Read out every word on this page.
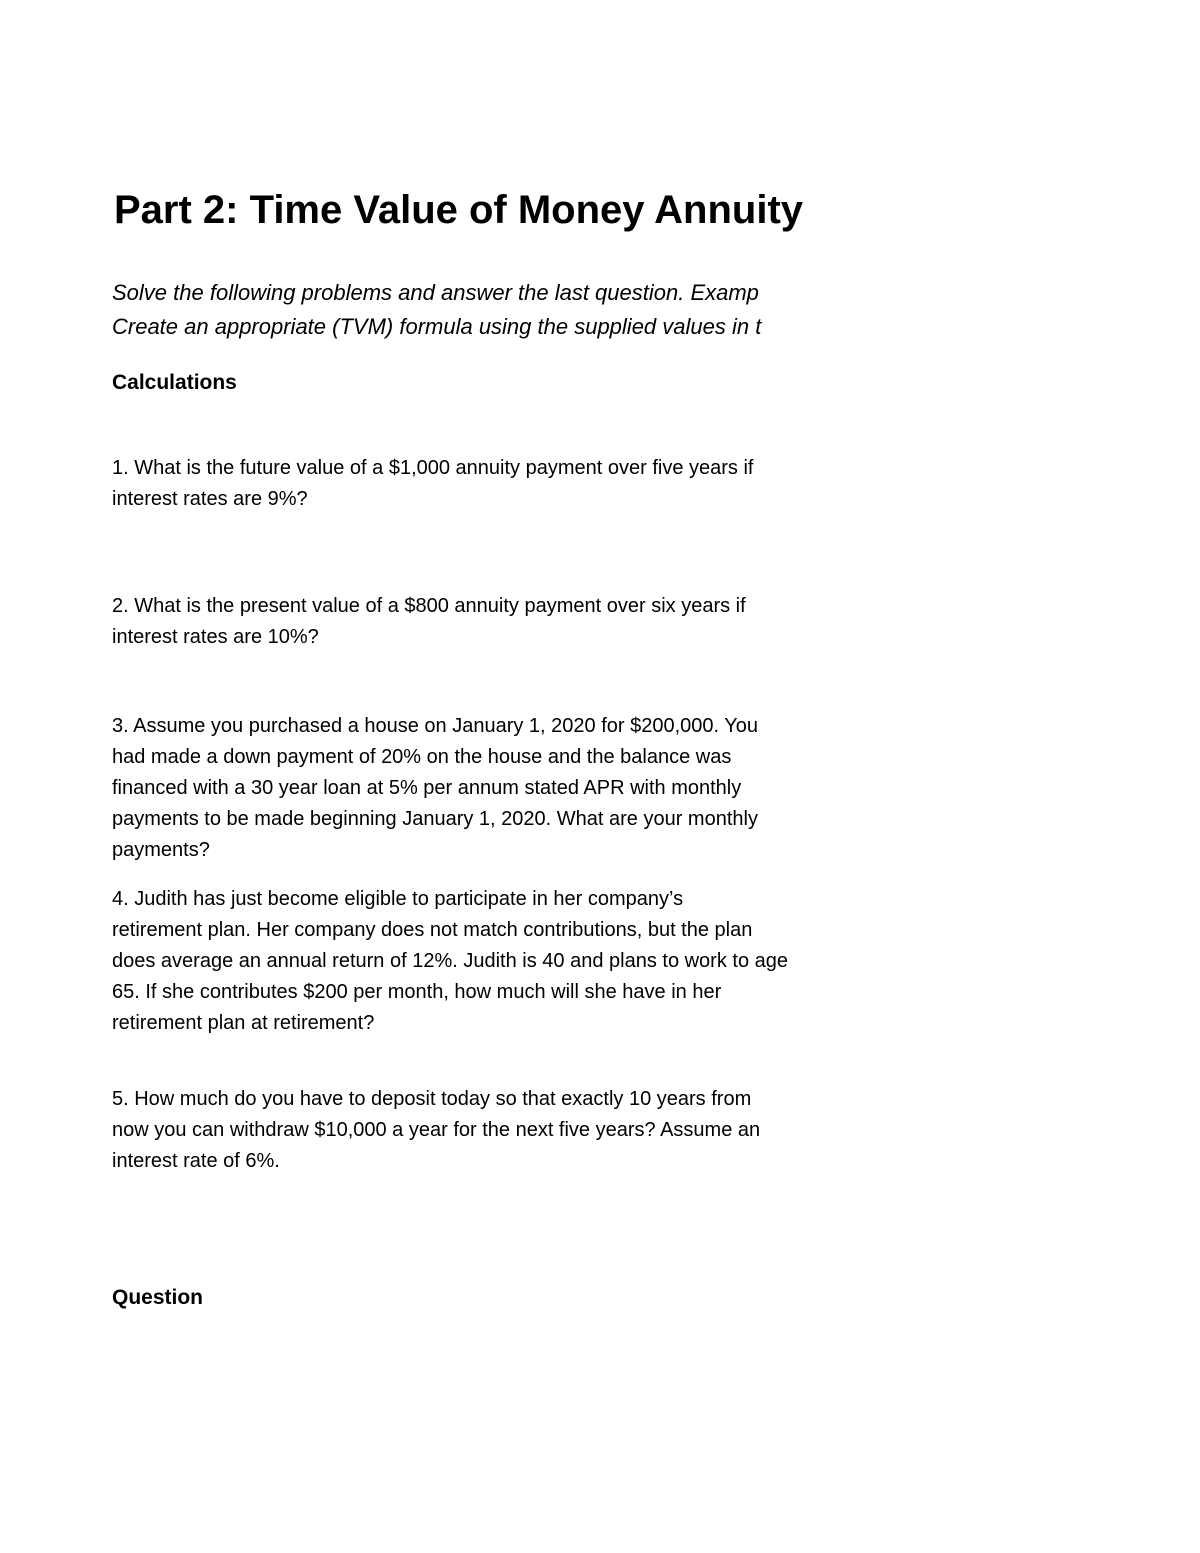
Part 2: Time Value of Money Annuity
Solve the following problems and answer the last question. Examp
Create an appropriate (TVM) formula using the supplied values in t
Calculations
1. What is the future value of a $1,000 annuity payment over five years if
interest rates are 9%?
2. What is the present value of a $800 annuity payment over six years if
interest rates are 10%?
3. Assume you purchased a house on January 1, 2020 for $200,000. You
had made a down payment of 20% on the house and the balance was
financed with a 30 year loan at 5% per annum stated APR with monthly
payments to be made beginning January 1, 2020. What are your monthly
payments?
4. Judith has just become eligible to participate in her company’s
retirement plan. Her company does not match contributions, but the plan
does average an annual return of 12%. Judith is 40 and plans to work to age
65. If she contributes $200 per month, how much will she have in her
retirement plan at retirement?
5. How much do you have to deposit today so that exactly 10 years from
now you can withdraw $10,000 a year for the next five years? Assume an
interest rate of 6%.
Question
